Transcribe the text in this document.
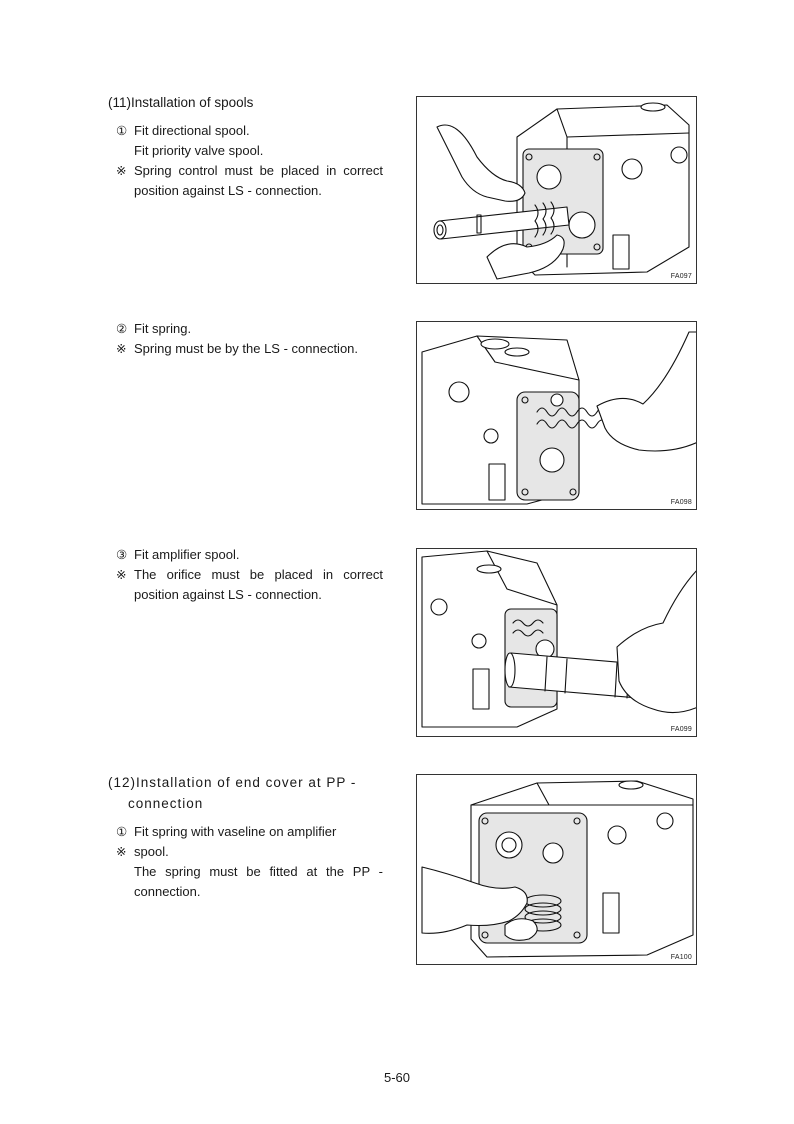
(11)Installation of spools
① Fit directional spool.
Fit priority valve spool.
※ Spring control must be placed in correct position against LS - connection.
② Fit spring.
※ Spring must be by the LS - connection.
③ Fit amplifier spool.
※ The orifice must be placed in correct position against LS - connection.
(12)Installation of end cover at PP -
connection
① Fit spring with vaseline on amplifier
※ spool.
The spring must be fitted at the PP - connection.
FA097
FA098
FA099
FA100
5-60
